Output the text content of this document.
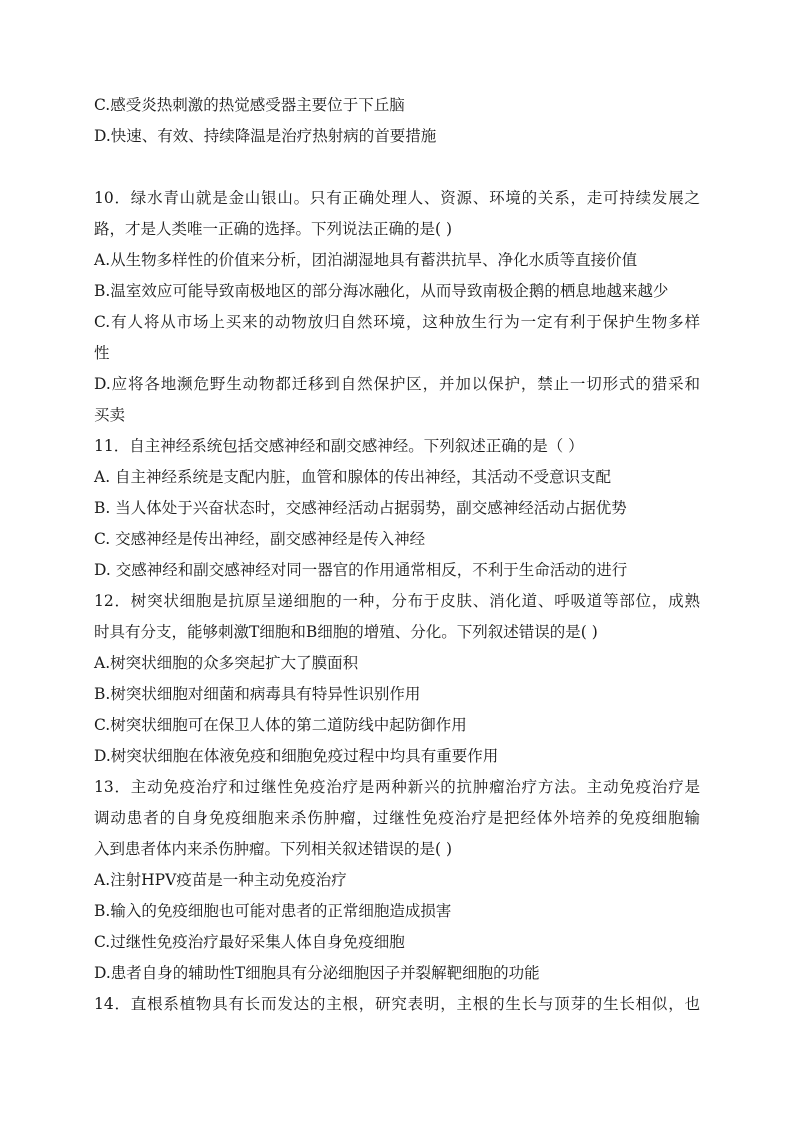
C.感受炎热刺激的热觉感受器主要位于下丘脑
D.快速、有效、持续降温是治疗热射病的首要措施
10．绿水青山就是金山银山。只有正确处理人、资源、环境的关系，走可持续发展之
路，才是人类唯一正确的选择。下列说法正确的是( )
A.从生物多样性的价值来分析，团泊湖湿地具有蓄洪抗旱、净化水质等直接价值
B.温室效应可能导致南极地区的部分海冰融化，从而导致南极企鹅的栖息地越来越少
C.有人将从市场上买来的动物放归自然环境，这种放生行为一定有利于保护生物多样
性
D.应将各地濒危野生动物都迁移到自然保护区，并加以保护，禁止一切形式的猎采和
买卖
11．自主神经系统包括交感神经和副交感神经。下列叙述正确的是（ ）
A. 自主神经系统是支配内脏，血管和腺体的传出神经，其活动不受意识支配
B. 当人体处于兴奋状态时，交感神经活动占据弱势，副交感神经活动占据优势
C. 交感神经是传出神经，副交感神经是传入神经
D. 交感神经和副交感神经对同一器官的作用通常相反，不利于生命活动的进行
12．树突状细胞是抗原呈递细胞的一种，分布于皮肤、消化道、呼吸道等部位，成熟
时具有分支，能够刺激T细胞和B细胞的增殖、分化。下列叙述错误的是( )
A.树突状细胞的众多突起扩大了膜面积
B.树突状细胞对细菌和病毒具有特异性识别作用
C.树突状细胞可在保卫人体的第二道防线中起防御作用
D.树突状细胞在体液免疫和细胞免疫过程中均具有重要作用
13．主动免疫治疗和过继性免疫治疗是两种新兴的抗肿瘤治疗方法。主动免疫治疗是
调动患者的自身免疫细胞来杀伤肿瘤，过继性免疫治疗是把经体外培养的免疫细胞输
入到患者体内来杀伤肿瘤。下列相关叙述错误的是( )
A.注射HPV疫苗是一种主动免疫治疗
B.输入的免疫细胞也可能对患者的正常细胞造成损害
C.过继性免疫治疗最好采集人体自身免疫细胞
D.患者自身的辅助性T细胞具有分泌细胞因子并裂解靶细胞的功能
14．直根系植物具有长而发达的主根，研究表明，主根的生长与顶芽的生长相似，也
